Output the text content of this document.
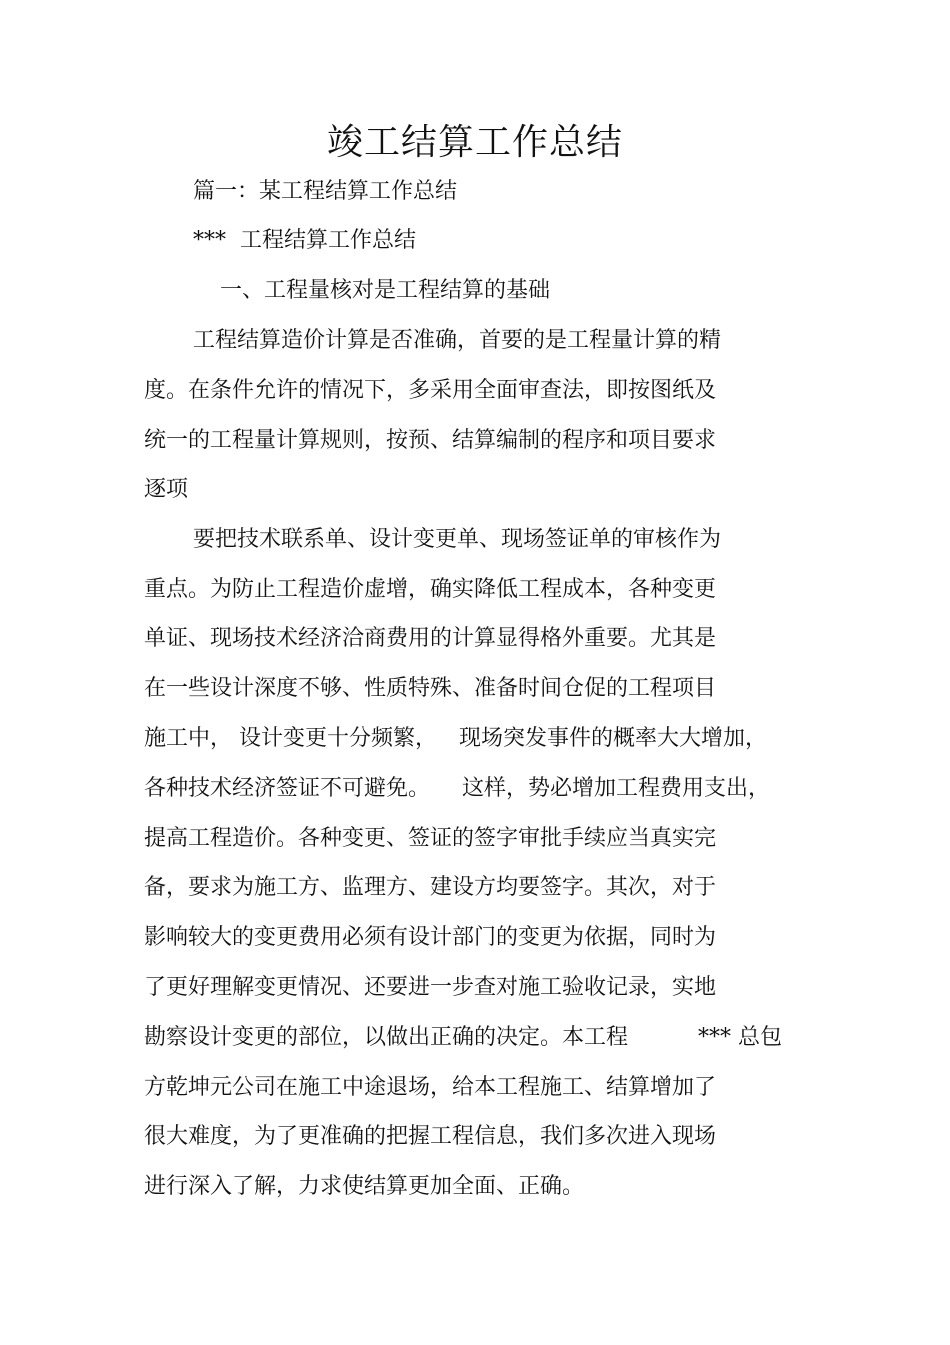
竣工结算工作总结
篇一：某工程结算工作总结
*** 工程结算工作总结
一、工程量核对是工程结算的基础
工程结算造价计算是否准确，首要的是工程量计算的精
度。在条件允许的情况下，多采用全面审查法，即按图纸及
统一的工程量计算规则，按预、结算编制的程序和项目要求
逐项
要把技术联系单、设计变更单、现场签证单的审核作为
重点。为防止工程造价虚增，确实降低工程成本，各种变更
单证、现场技术经济洽商费用的计算显得格外重要。尤其是
在一些设计深度不够、性质特殊、准备时间仓促的工程项目
施工中， 设计变更十分频繁， 现场突发事件的概率大大增加，
各种技术经济签证不可避免。 这样，势必增加工程费用支出，
提高工程造价。各种变更、签证的签字审批手续应当真实完
备，要求为施工方、监理方、建设方均要签字。其次，对于
影响较大的变更费用必须有设计部门的变更为依据，同时为
了更好理解变更情况、还要进一步查对施工验收记录，实地
勘察设计变更的部位，以做出正确的决定。本工程	*** 总包
方乾坤元公司在施工中途退场，给本工程施工、结算增加了
很大难度，为了更准确的把握工程信息，我们多次进入现场
进行深入了解，力求使结算更加全面、正确。
